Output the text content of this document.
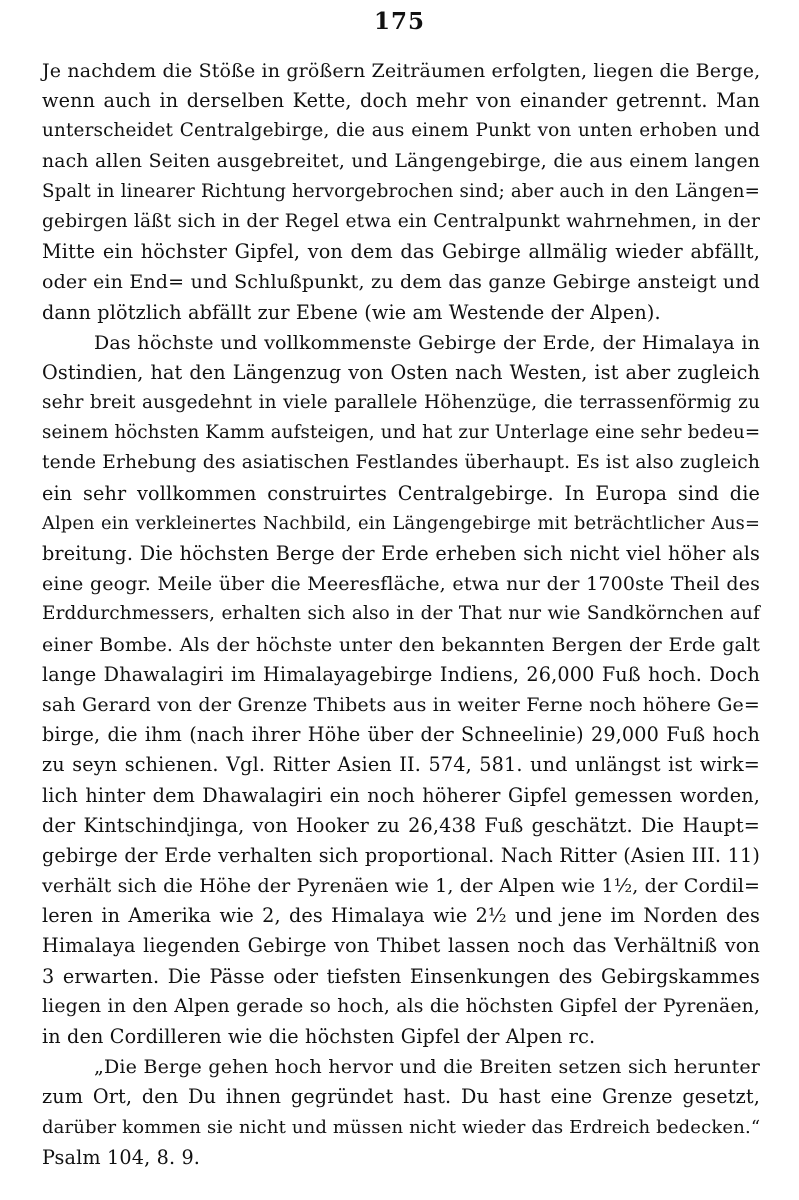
175
Je nachdem die Stöße in größern Zeiträumen erfolgten, liegen die Berge,
wenn auch in derselben Kette, doch mehr von einander getrennt. Man
unterscheidet Centralgebirge, die aus einem Punkt von unten erhoben und
nach allen Seiten ausgebreitet, und Längengebirge, die aus einem langen
Spalt in linearer Richtung hervorgebrochen sind; aber auch in den Längen=
gebirgen läßt sich in der Regel etwa ein Centralpunkt wahrnehmen, in der
Mitte ein höchster Gipfel, von dem das Gebirge allmälig wieder abfällt,
oder ein End= und Schlußpunkt, zu dem das ganze Gebirge ansteigt und
dann plötzlich abfällt zur Ebene (wie am Westende der Alpen).
Das höchste und vollkommenste Gebirge der Erde, der Himalaya in
Ostindien, hat den Längenzug von Osten nach Westen, ist aber zugleich
sehr breit ausgedehnt in viele parallele Höhenzüge, die terrassenförmig zu
seinem höchsten Kamm aufsteigen, und hat zur Unterlage eine sehr bedeu=
tende Erhebung des asiatischen Festlandes überhaupt. Es ist also zugleich
ein sehr vollkommen construirtes Centralgebirge. In Europa sind die
Alpen ein verkleinertes Nachbild, ein Längengebirge mit beträchtlicher Aus=
breitung. Die höchsten Berge der Erde erheben sich nicht viel höher als
eine geogr. Meile über die Meeresfläche, etwa nur der 1700ste Theil des
Erddurchmessers, erhalten sich also in der That nur wie Sandkörnchen auf
einer Bombe. Als der höchste unter den bekannten Bergen der Erde galt
lange Dhawalagiri im Himalayagebirge Indiens, 26,000 Fuß hoch. Doch
sah Gerard von der Grenze Thibets aus in weiter Ferne noch höhere Ge=
birge, die ihm (nach ihrer Höhe über der Schneelinie) 29,000 Fuß hoch
zu seyn schienen. Vgl. Ritter Asien II. 574, 581. und unlängst ist wirk=
lich hinter dem Dhawalagiri ein noch höherer Gipfel gemessen worden,
der Kintschindjinga, von Hooker zu 26,438 Fuß geschätzt. Die Haupt=
gebirge der Erde verhalten sich proportional. Nach Ritter (Asien III. 11)
verhält sich die Höhe der Pyrenäen wie 1, der Alpen wie 1½, der Cordil=
leren in Amerika wie 2, des Himalaya wie 2½ und jene im Norden des
Himalaya liegenden Gebirge von Thibet lassen noch das Verhältniß von
3 erwarten. Die Pässe oder tiefsten Einsenkungen des Gebirgskammes
liegen in den Alpen gerade so hoch, als die höchsten Gipfel der Pyrenäen,
in den Cordilleren wie die höchsten Gipfel der Alpen rc.
„Die Berge gehen hoch hervor und die Breiten setzen sich herunter
zum Ort, den Du ihnen gegründet hast. Du hast eine Grenze gesetzt,
darüber kommen sie nicht und müssen nicht wieder das Erdreich bedecken.“
Psalm 104, 8. 9.
